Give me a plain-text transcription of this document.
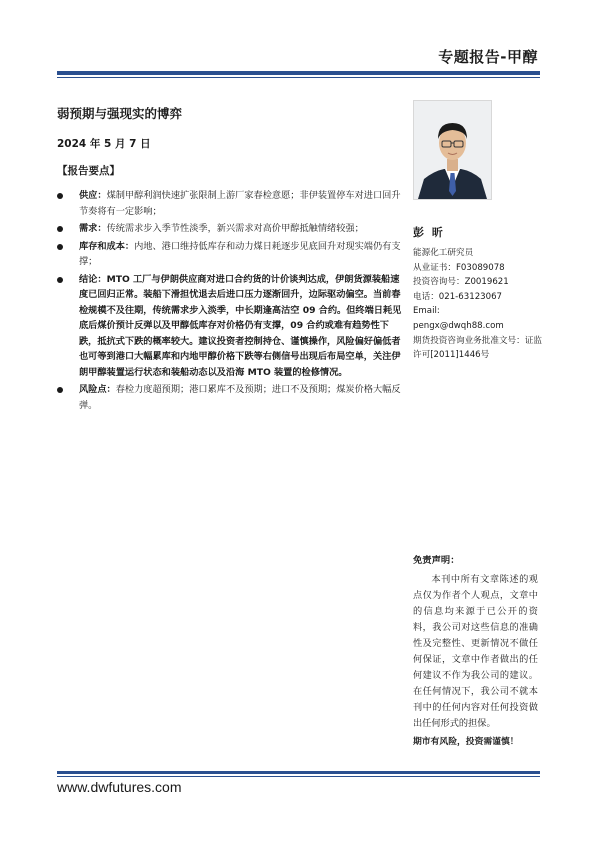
专题报告-甲醇
弱预期与强现实的博弈
2024 年 5 月 7 日
【报告要点】
供应：煤制甲醇利润快速扩张限制上游厂家春检意愿；非伊装置停车对进口回升节奏将有一定影响；
需求：传统需求步入季节性淡季，新兴需求对高价甲醇抵触情绪较强；
库存和成本：内地、港口维持低库存和动力煤日耗逐步见底回升对现实端仍有支撑；
结论：MTO 工厂与伊朗供应商对进口合约货的计价谈判达成，伊朗货源装船速度已回归正常。装船下滑担忧退去后进口压力逐渐回升，边际驱动偏空。当前春检规模不及往期，传统需求步入淡季，中长期逢高沽空 09 合约。但终端日耗见底后煤价预计反弹以及甲醇低库存对价格仍有支撑，09 合约或难有趋势性下跌，抵抗式下跌的概率较大。建议投资者控制持仓、谨慎操作，风险偏好偏低者也可等到港口大幅累库和内地甲醇价格下跌等右侧信号出现后布局空单，关注伊朗甲醇装置运行状态和装船动态以及沿海 MTO 装置的检修情况。
风险点：春检力度超预期；港口累库不及预期；进口不及预期；煤炭价格大幅反弹。
彭 昕
能源化工研究员
从业证书：F03089078
投资咨询号：Z0019621
电话：021-63123067
Email:
pengx@dwqh88.com
期货投资咨询业务批准文号：证监许可[2011]1446号
免责声明：
本刊中所有文章陈述的观点仅为作者个人观点，文章中的信息均来源于已公开的资料，我公司对这些信息的准确性及完整性、更新情况不做任何保证，文章中作者做出的任何建议不作为我公司的建议。在任何情况下，我公司不就本刊中的任何内容对任何投资做出任何形式的担保。
期市有风险，投资需谨慎！
www.dwfutures.com
